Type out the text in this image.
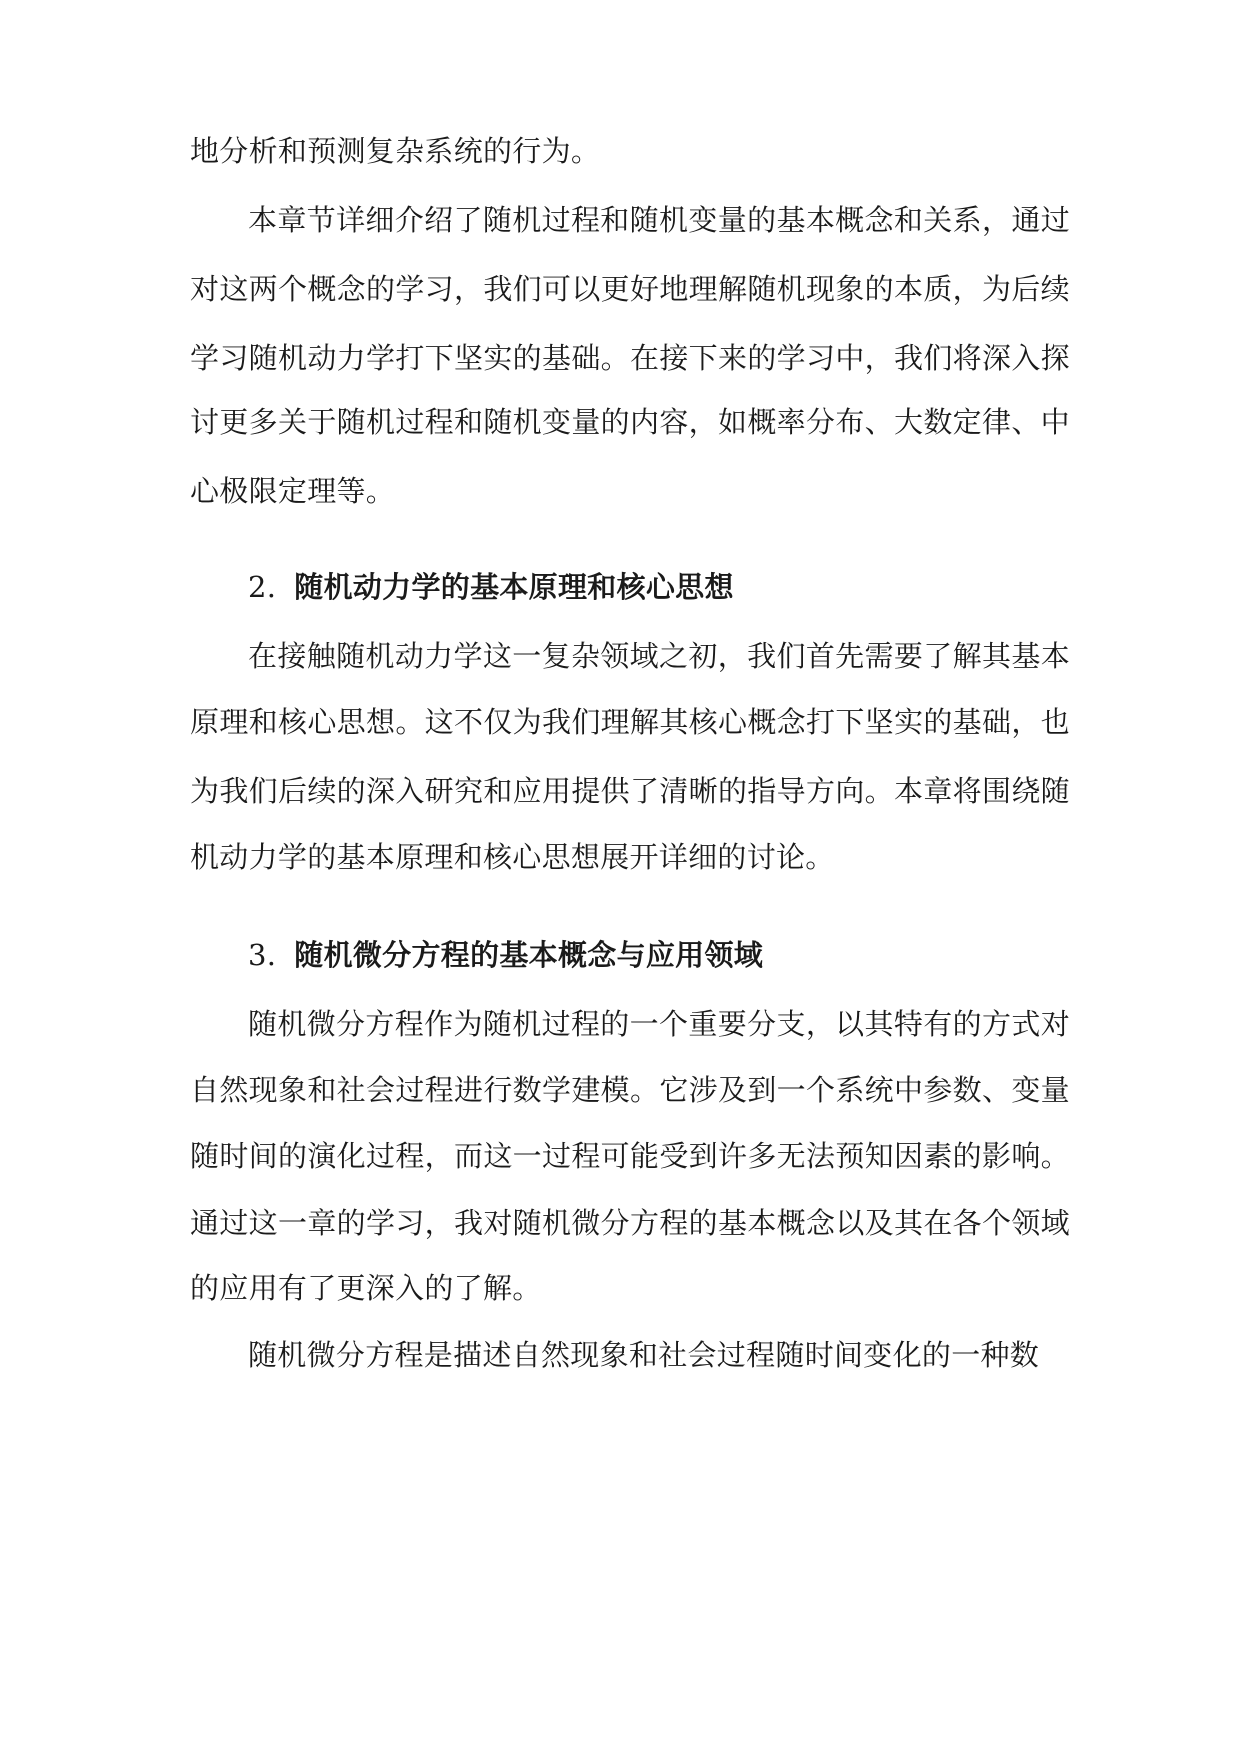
地分析和预测复杂系统的行为。
本章节详细介绍了随机过程和随机变量的基本概念和关系，通过
对这两个概念的学习，我们可以更好地理解随机现象的本质，为后续
学习随机动力学打下坚实的基础。在接下来的学习中，我们将深入探
讨更多关于随机过程和随机变量的内容，如概率分布、大数定律、中
心极限定理等。
2. 随机动力学的基本原理和核心思想
在接触随机动力学这一复杂领域之初，我们首先需要了解其基本
原理和核心思想。这不仅为我们理解其核心概念打下坚实的基础，也
为我们后续的深入研究和应用提供了清晰的指导方向。本章将围绕随
机动力学的基本原理和核心思想展开详细的讨论。
3. 随机微分方程的基本概念与应用领域
随机微分方程作为随机过程的一个重要分支，以其特有的方式对
自然现象和社会过程进行数学建模。它涉及到一个系统中参数、变量
随时间的演化过程，而这一过程可能受到许多无法预知因素的影响。
通过这一章的学习，我对随机微分方程的基本概念以及其在各个领域
的应用有了更深入的了解。
随机微分方程是描述自然现象和社会过程随时间变化的一种数
